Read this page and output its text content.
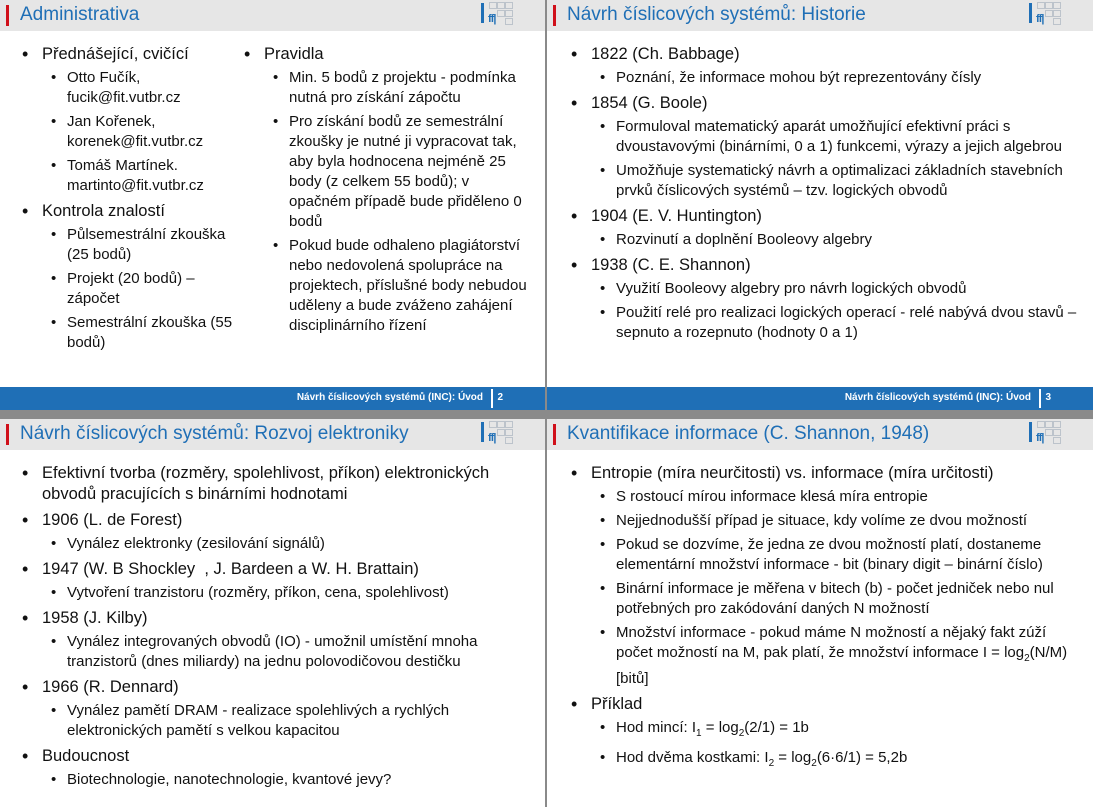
Administrativa	ff|
• Přednášející, cvičící
• Otto Fučík, fucik@fit.vutbr.cz
• Jan Kořenek, korenek@fit.vutbr.cz
• Tomáš Martínek. martinto@fit.vutbr.cz
• Kontrola znalostí
• Půlsemestrální zkouška (25 bodů)
• Projekt (20 bodů) – zápočet
• Semestrální zkouška (55 bodů)
• Pravidla
• Min. 5 bodů z projektu - podmínka nutná pro získání zápočtu
• Pro získání bodů ze semestrální zkoušky je nutné ji vypracovat tak, aby byla hodnocena nejméně 25 body (z celkem 55 bodů); v opačném případě bude přiděleno 0 bodů
• Pokud bude odhaleno plagiátorství nebo nedovolená spolupráce na projektech, příslušné body nebudou uděleny a bude zváženo zahájení disciplinárního řízení
Návrh číslicových systémů (INC): Úvod 2
Návrh číslicových systémů: Historie	ff|
• 1822 (Ch. Babbage)
• Poznání, že informace mohou být reprezentovány čísly
• 1854 (G. Boole)
• Formuloval matematický aparát umožňující efektivní práci s dvoustavovými (binárními, 0 a 1) funkcemi, výrazy a jejich algebrou
• Umožňuje systematický návrh a optimalizaci základních stavebních prvků číslicových systémů – tzv. logických obvodů
• 1904 (E. V. Huntington)
• Rozvinutí a doplnění Booleovy algebry
• 1938 (C. E. Shannon)
• Využití Booleovy algebry pro návrh logických obvodů
• Použití relé pro realizaci logických operací - relé nabývá dvou stavů – sepnuto a rozepnuto (hodnoty 0 a 1)
Návrh číslicových systémů (INC): Úvod 3
Návrh číslicových systémů: Rozvoj elektroniky	ff|
• Efektivní tvorba (rozměry, spolehlivost, příkon) elektronických obvodů pracujících s binárními hodnotami
• 1906 (L. de Forest)
• Vynález elektronky (zesilování signálů)
• 1947 (W. B Shockley  , J. Bardeen a W. H. Brattain)
• Vytvoření tranzistoru (rozměry, příkon, cena, spolehlivost)
• 1958 (J. Kilby)
• Vynález integrovaných obvodů (IO) - umožnil umístění mnoha tranzistorů (dnes miliardy) na jednu polovodičovou destičku
• 1966 (R. Dennard)
• Vynález pamětí DRAM - realizace spolehlivých a rychlých elektronických pamětí s velkou kapacitou
• Budoucnost
• Biotechnologie, nanotechnologie, kvantové jevy?
Kvantifikace informace (C. Shannon, 1948)	ff|
• Entropie (míra neurčitosti) vs. informace (míra určitosti)
• S rostoucí mírou informace klesá míra entropie
• Nejjednodušší případ je situace, kdy volíme ze dvou možností
• Pokud se dozvíme, že jedna ze dvou možností platí, dostaneme elementární množství informace - bit (binary digit – binární číslo)
• Binární informace je měřena v bitech (b) - počet jedniček nebo nul potřebných pro zakódování daných N možností
• Množství informace - pokud máme N možností a nějaký fakt zúží počet možností na M, pak platí, že množství informace $I = \log_2(N/M)$ [bitů]
• Příklad
• Hod mincí: $I_1 = \log_2(2/1) = 1b$
• Hod dvěma kostkami: $I_2 = \log_2(6\cdot 6/1) = 5,2b$
